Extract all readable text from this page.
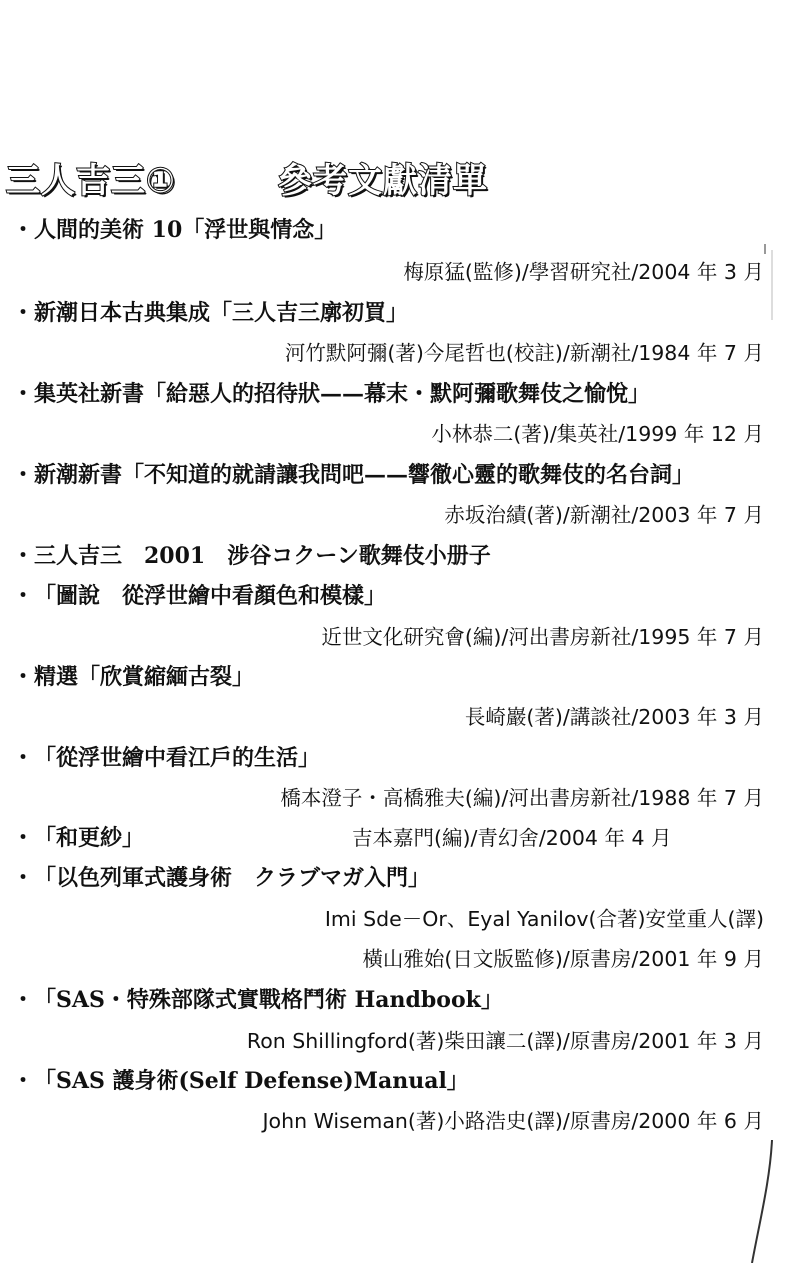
三人吉三①	參考文獻清單
・人間的美術 10「浮世與情念」
梅原猛(監修)/學習研究社/2004 年 3 月
・新潮日本古典集成「三人吉三廓初買」
河竹默阿彌(著)今尾哲也(校註)/新潮社/1984 年 7 月
・集英社新書「給惡人的招待狀——幕末・默阿彌歌舞伎之愉悅」
小林恭二(著)/集英社/1999 年 12 月
・新潮新書「不知道的就請讓我問吧——響徹心靈的歌舞伎的名台詞」
赤坂治績(著)/新潮社/2003 年 7 月
・三人吉三　2001　涉谷コクーン歌舞伎小册子
・「圖說　從浮世繪中看顏色和模樣」
近世文化研究會(編)/河出書房新社/1995 年 7 月
・精選「欣賞縮緬古裂」
長崎巖(著)/講談社/2003 年 3 月
・「從浮世繪中看江戶的生活」
橋本澄子・高橋雅夫(編)/河出書房新社/1988 年 7 月
・「和更紗」	吉本嘉門(編)/青幻舍/2004 年 4 月
・「以色列軍式護身術　クラブマガ入門」
Imi Sde－Or、Eyal Yanilov(合著)安堂重人(譯)
橫山雅始(日文版監修)/原書房/2001 年 9 月
・「SAS・特殊部隊式實戰格鬥術 Handbook」
Ron Shillingford(著)柴田讓二(譯)/原書房/2001 年 3 月
・「SAS 護身術(Self Defense)Manual」
John Wiseman(著)小路浩史(譯)/原書房/2000 年 6 月
